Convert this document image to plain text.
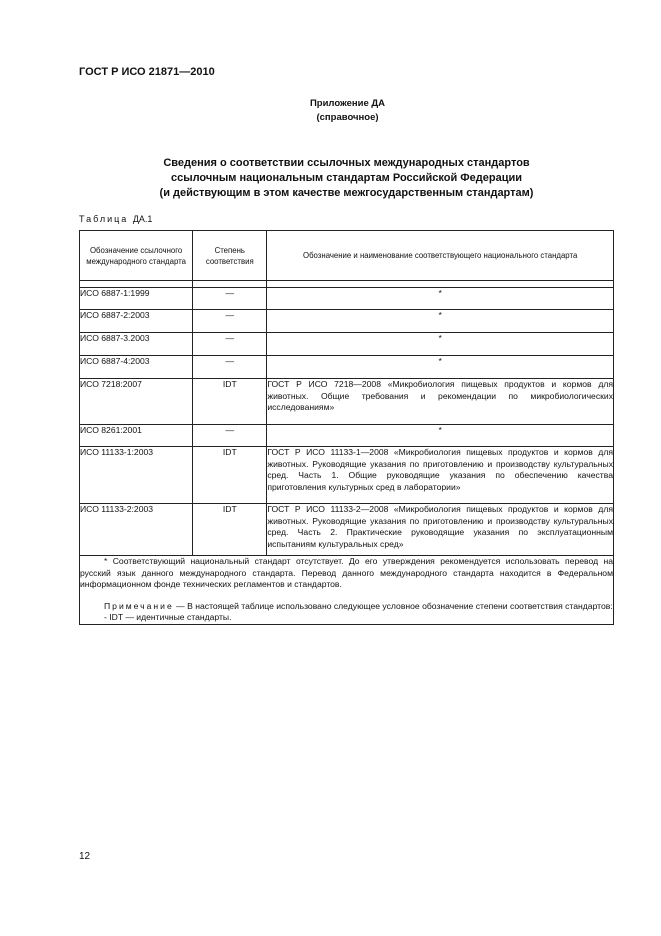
ГОСТ Р ИСО 21871—2010
Приложение ДА
(справочное)
Сведения о соответствии ссылочных международных стандартов
ссылочным национальным стандартам Российской Федерации
(и действующим в этом качестве межгосударственным стандартам)
Таблица ДА.1
Обозначение ссылочного международного стандарта	Степень соответствия	Обозначение и наименование соответствующего национального стандарта

ИСО 6887-1:1999	—	*
ИСО 6887-2:2003	—	*
ИСО 6887-3.2003	—	*
ИСО 6887-4:2003	—	*
ИСО 7218:2007	IDT	ГОСТ Р ИСО 7218—2008 «Микробиология пищевых продуктов и кормов для животных. Общие требования и рекомендации по микробиологических исследованиям»
ИСО 8261:2001	—	*
ИСО 11133-1:2003	IDT	ГОСТ Р ИСО 11133-1—2008 «Микробиология пищевых продуктов и кормов для животных. Руководящие указания по приготовлению и производству культуральных сред. Часть 1. Общие руководящие указания по обеспечению качества приготовления культурных сред в лаборатории»
ИСО 11133-2:2003	IDT	ГОСТ Р ИСО 11133-2—2008 «Микробиология пищевых продуктов и кормов для животных. Руководящие указания по приготовлению и производству культуральных сред. Часть 2. Практические руководящие указания по эксплуатационным испытаниям культуральных сред»

* Соответствующий национальный стандарт отсутствует. До его утверждения рекомендуется использовать перевод на русский язык данного международного стандарта. Перевод данного международного стандарта находится в Федеральном информационном фонде технических регламентов и стандартов.

Примечание — В настоящей таблице использовано следующее условное обозначение степени соответствия стандартов:

- IDT — идентичные стандарты.		

12
